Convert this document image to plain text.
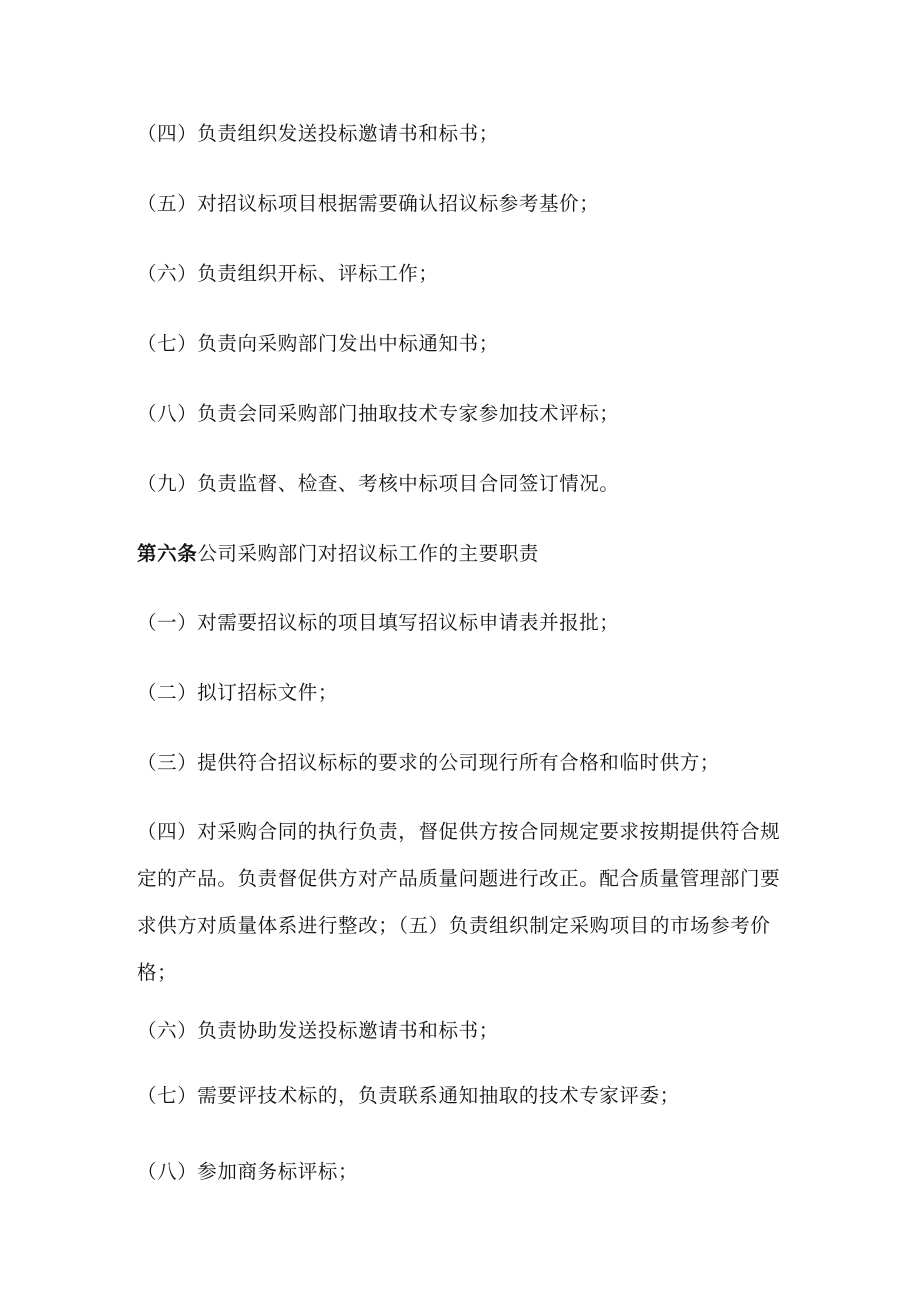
（四）负责组织发送投标邀请书和标书；
（五）对招议标项目根据需要确认招议标参考基价；
（六）负责组织开标、评标工作；
（七）负责向采购部门发出中标通知书；
（八）负责会同采购部门抽取技术专家参加技术评标；
（九）负责监督、检查、考核中标项目合同签订情况。
第六条公司采购部门对招议标工作的主要职责
（一）对需要招议标的项目填写招议标申请表并报批；
（二）拟订招标文件；
（三）提供符合招议标标的要求的公司现行所有合格和临时供方；
（四）对采购合同的执行负责，督促供方按合同规定要求按期提供符合规定的产品。负责督促供方对产品质量问题进行改正。配合质量管理部门要求供方对质量体系进行整改；（五）负责组织制定采购项目的市场参考价格；
（六）负责协助发送投标邀请书和标书；
（七）需要评技术标的，负责联系通知抽取的技术专家评委；
（八）参加商务标评标；
